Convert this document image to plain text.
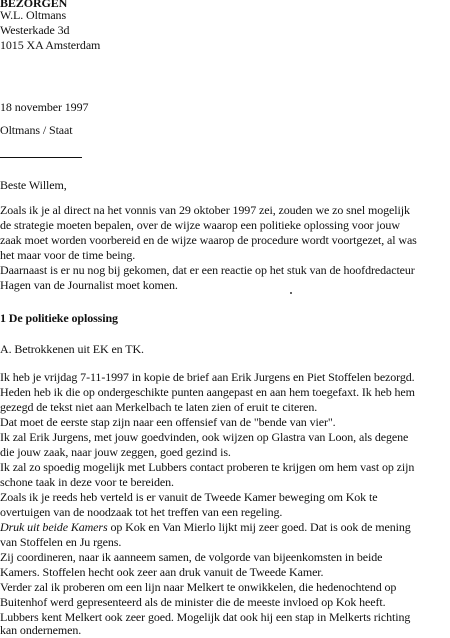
BEZORGEN
W.L. Oltmans
Westerkade 3d
1015 XA Amsterdam
18 november 1997
Oltmans / Staat
Beste Willem,
Zoals ik je al direct na het vonnis van 29 oktober 1997 zei, zouden we zo snel mogelijk
de strategie moeten bepalen, over de wijze waarop een politieke oplossing voor jouw
zaak moet worden voorbereid en de wijze waarop de procedure wordt voortgezet, al was
het maar voor de time being.
Daarnaast is er nu nog bij gekomen, dat er een reactie op het stuk van de hoofdredacteur
Hagen van de Journalist moet komen.
1 De politieke oplossing
A. Betrokkenen uit EK en TK.
Ik heb je vrijdag 7-11-1997 in kopie de brief aan Erik Jurgens en Piet Stoffelen bezorgd.
Heden heb ik die op ondergeschikte punten aangepast en aan hem toegefaxt. Ik heb hem
gezegd de tekst niet aan Merkelbach te laten zien of eruit te citeren.
Dat moet de eerste stap zijn naar een offensief van de "bende van vier".
Ik zal Erik Jurgens, met jouw goedvinden, ook wijzen op Glastra van Loon, als degene
die jouw zaak, naar jouw zeggen, goed gezind is.
Ik zal zo spoedig mogelijk met Lubbers contact proberen te krijgen om hem vast op zijn
schone taak in deze voor te bereiden.
Zoals ik je reeds heb verteld is er vanuit de Tweede Kamer beweging om Kok te
overtuigen van de noodzaak tot het treffen van een regeling.
Druk uit beide Kamers op Kok en Van Mierlo lijkt mij zeer goed. Dat is ook de mening
van Stoffelen en Ju rgens.
Zij coordineren, naar ik aanneem samen, de volgorde van bijeenkomsten in beide
Kamers. Stoffelen hecht ook zeer aan druk vanuit de Tweede Kamer.
Verder zal ik proberen om een lijn naar Melkert te onwikkelen, die hedenochtend op
Buitenhof werd gepresenteerd als de minister die de meeste invloed op Kok heeft.
Lubbers kent Melkert ook zeer goed. Mogelijk dat ook hij een stap in Melkerts richting
kan ondernemen.
